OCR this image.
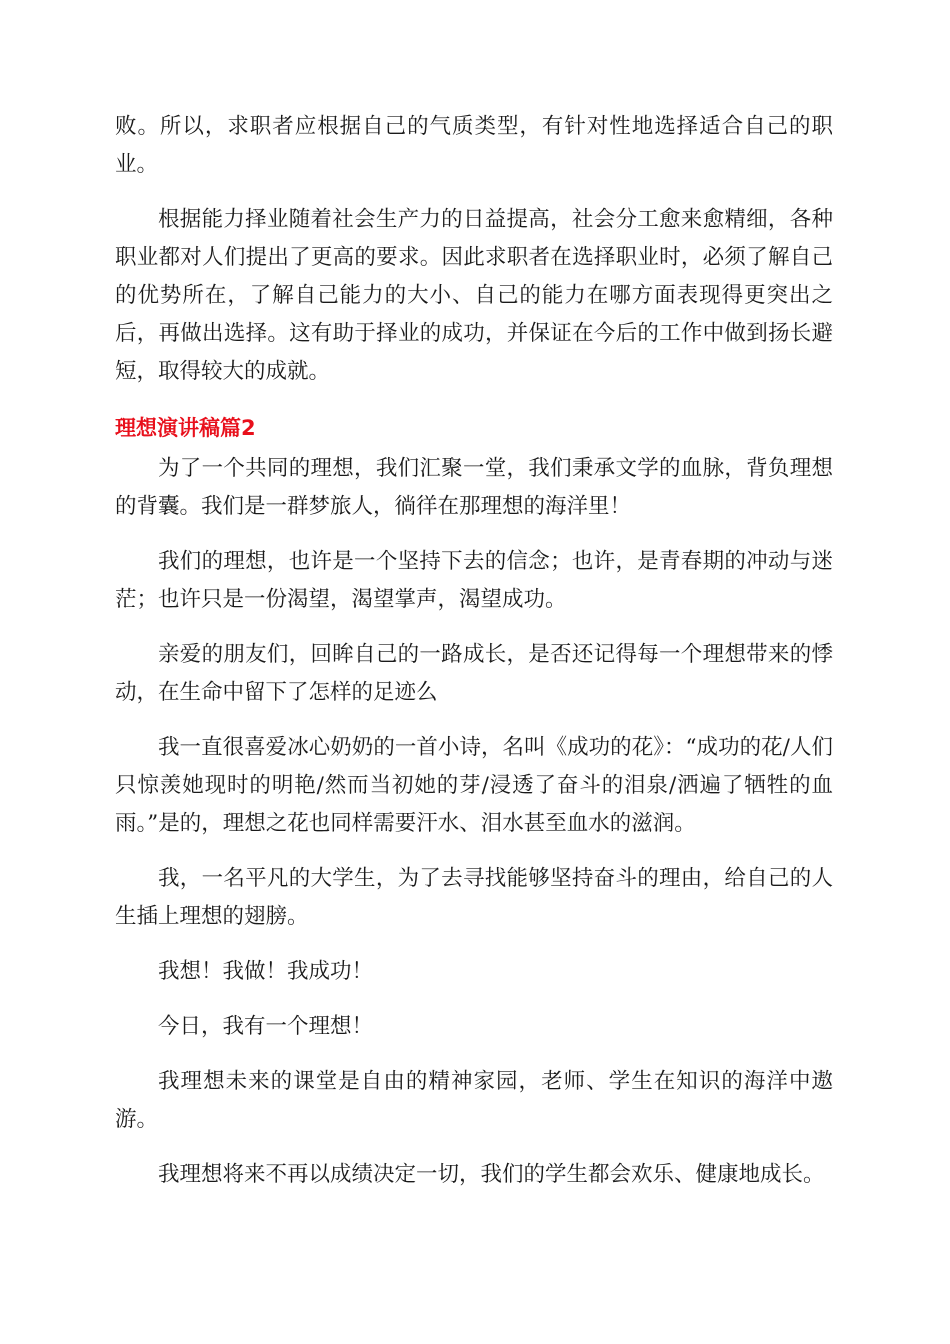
败。所以，求职者应根据自己的气质类型，有针对性地选择适合自己的职业。

根据能力择业随着社会生产力的日益提高，社会分工愈来愈精细，各种职业都对人们提出了更高的要求。因此求职者在选择职业时，必须了解自己的优势所在，了解自己能力的大小、自己的能力在哪方面表现得更突出之后，再做出选择。这有助于择业的成功，并保证在今后的工作中做到扬长避短，取得较大的成就。

理想演讲稿篇2

为了一个共同的理想，我们汇聚一堂，我们秉承文学的血脉，背负理想的背囊。我们是一群梦旅人，徜徉在那理想的海洋里！

我们的理想，也许是一个坚持下去的信念；也许，是青春期的冲动与迷茫；也许只是一份渴望，渴望掌声，渴望成功。

亲爱的朋友们，回眸自己的一路成长，是否还记得每一个理想带来的悸动，在生命中留下了怎样的足迹么

我一直很喜爱冰心奶奶的一首小诗，名叫《成功的花》：“成功的花/人们只惊羡她现时的明艳/然而当初她的芽/浸透了奋斗的泪泉/洒遍了牺牲的血雨。”是的，理想之花也同样需要汗水、泪水甚至血水的滋润。

我，一名平凡的大学生，为了去寻找能够坚持奋斗的理由，给自己的人生插上理想的翅膀。

我想！我做！我成功！

今日，我有一个理想！

我理想未来的课堂是自由的精神家园，老师、学生在知识的海洋中遨游。

我理想将来不再以成绩决定一切，我们的学生都会欢乐、健康地成长。
